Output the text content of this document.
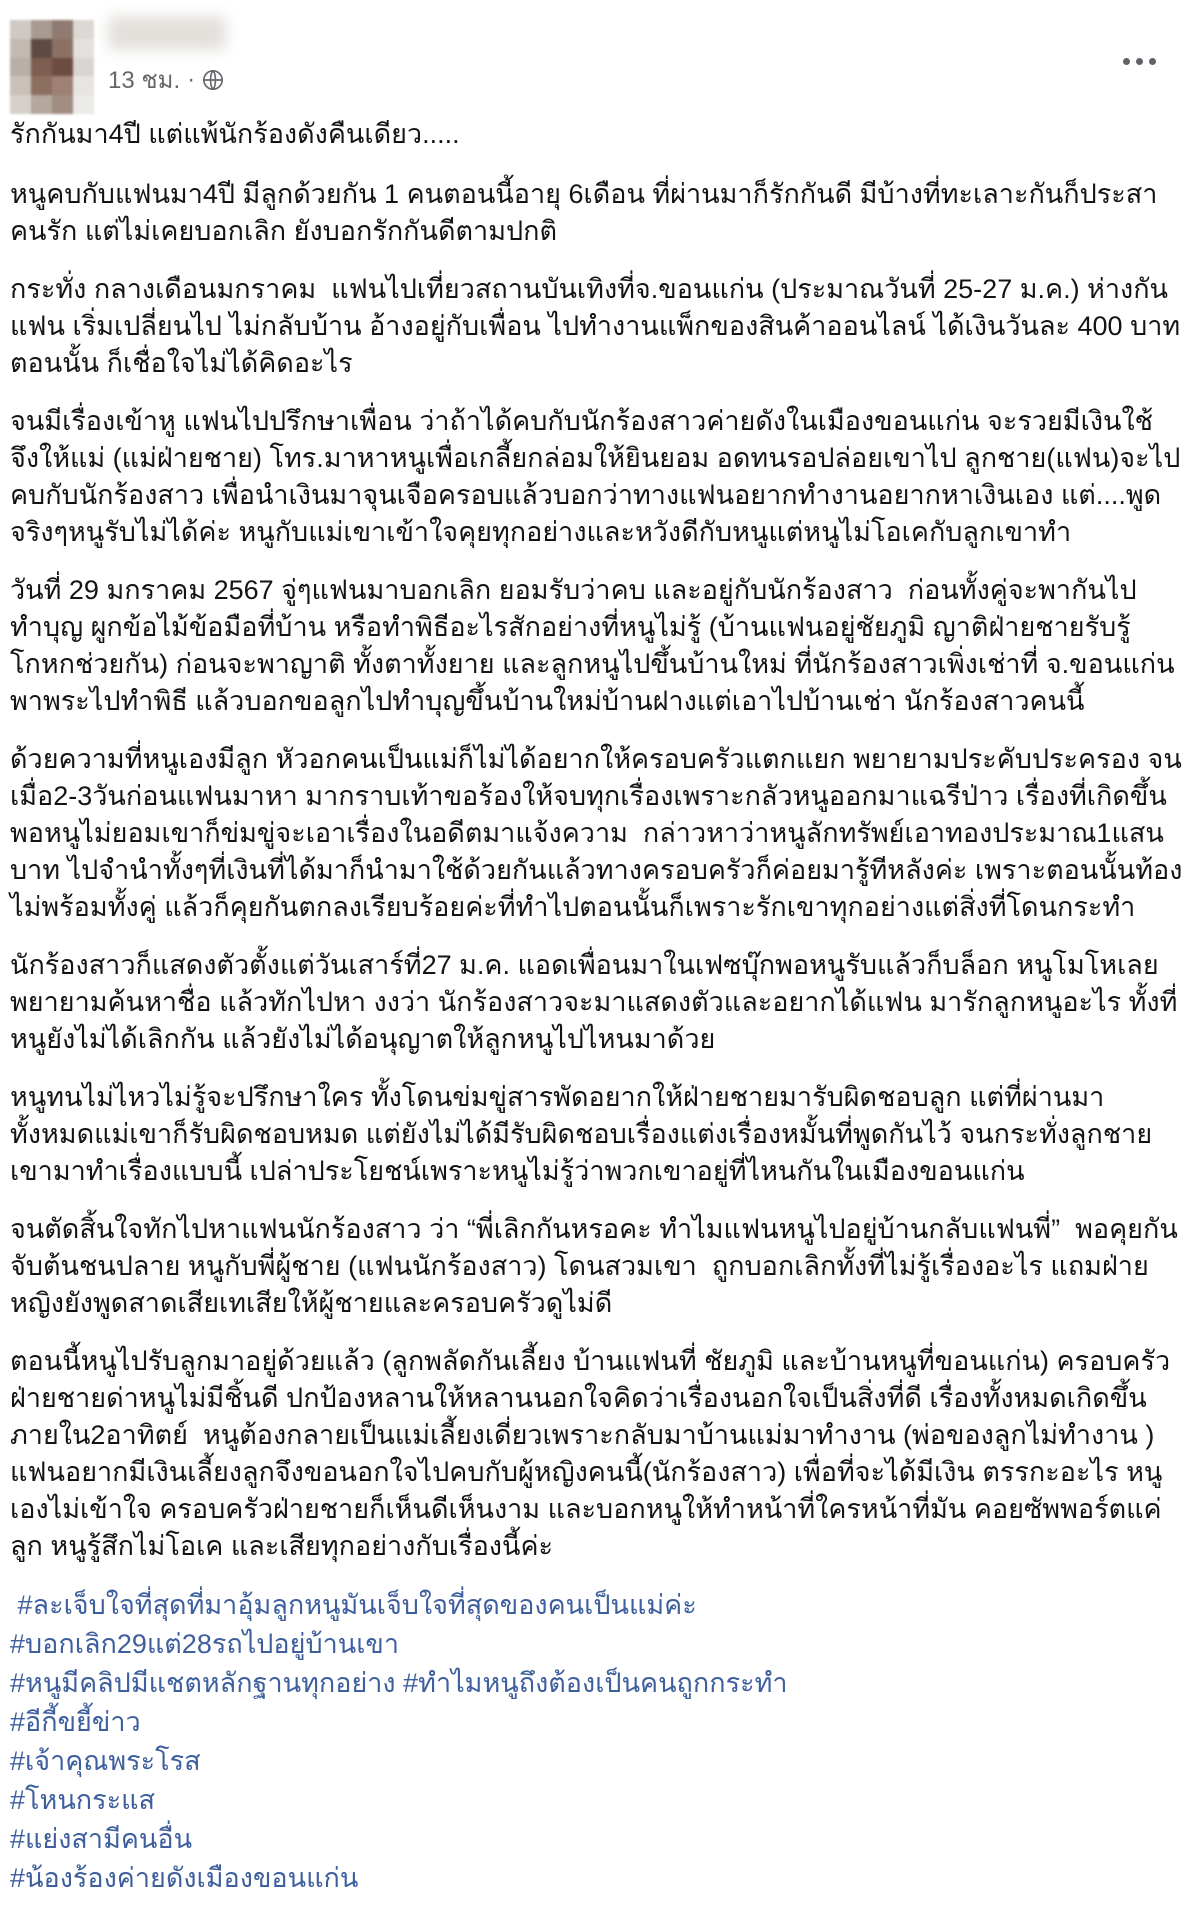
13 ชม. ·

รักกันมา4ปี แต่แพ้นักร้องดังคืนเดียว.....

หนูคบกับแฟนมา4ปี มีลูกด้วยกัน 1 คนตอนนี้อายุ 6เดือน ที่ผ่านมาก็รักกันดี มีบ้างที่ทะเลาะกันก็ประสาคนรัก แต่ไม่เคยบอกเลิก ยังบอกรักกันดีตามปกติ

กระทั่ง กลางเดือนมกราคม  แฟนไปเที่ยวสถานบันเทิงที่จ.ขอนแก่น (ประมาณวันที่ 25-27 ม.ค.) ห่างกันแฟน เริ่มเปลี่ยนไป ไม่กลับบ้าน อ้างอยู่กับเพื่อน ไปทำงานแพ็กของสินค้าออนไลน์ ได้เงินวันละ 400 บาท  ตอนนั้น ก็เชื่อใจไม่ได้คิดอะไร

จนมีเรื่องเข้าหู แฟนไปปรึกษาเพื่อน ว่าถ้าได้คบกับนักร้องสาวค่ายดังในเมืองขอนแก่น จะรวยมีเงินใช้ จึงให้แม่ (แม่ฝ่ายชาย) โทร.มาหาหนูเพื่อเกลี้ยกล่อมให้ยินยอม อดทนรอปล่อยเขาไป ลูกชาย(แฟน)จะไปคบกับนักร้องสาว เพื่อนำเงินมาจุนเจือครอบแล้วบอกว่าทางแฟนอยากทำงานอยากหาเงินเอง แต่....พูดจริงๆหนูรับไม่ได้ค่ะ หนูกับแม่เขาเข้าใจคุยทุกอย่างและหวังดีกับหนูแต่หนูไม่โอเคกับลูกเขาทำ

วันที่ 29 มกราคม 2567 จู่ๆแฟนมาบอกเลิก ยอมรับว่าคบ และอยู่กับนักร้องสาว  ก่อนทั้งคู่จะพากันไปทำบุญ ผูกข้อไม้ข้อมือที่บ้าน หรือทำพิธีอะไรสักอย่างที่หนูไม่รู้ (บ้านแฟนอยู่ชัยภูมิ ญาติฝ่ายชายรับรู้โกหกช่วยกัน) ก่อนจะพาญาติ ทั้งตาทั้งยาย และลูกหนูไปขึ้นบ้านใหม่ ที่นักร้องสาวเพิ่งเช่าที่ จ.ขอนแก่น พาพระไปทำพิธี แล้วบอกขอลูกไปทำบุญขึ้นบ้านใหม่บ้านฝางแต่เอาไปบ้านเช่า นักร้องสาวคนนี้

ด้วยความที่หนูเองมีลูก หัวอกคนเป็นแม่ก็ไม่ได้อยากให้ครอบครัวแตกแยก พยายามประคับประครอง จนเมื่อ2-3วันก่อนแฟนมาหา มากราบเท้าขอร้องให้จบทุกเรื่องเพราะกลัวหนูออกมาแฉรีป่าว เรื่องที่เกิดขึ้น  พอหนูไม่ยอมเขาก็ข่มขู่จะเอาเรื่องในอดีตมาแจ้งความ  กล่าวหาว่าหนูลักทรัพย์เอาทองประมาณ1แสนบาท ไปจำนำทั้งๆที่เงินที่ได้มาก็นำมาใช้ด้วยกันแล้วทางครอบครัวก็ค่อยมารู้ทีหลังค่ะ เพราะตอนนั้นท้องไม่พร้อมทั้งคู่ แล้วก็คุยกันตกลงเรียบร้อยค่ะที่ทำไปตอนนั้นก็เพราะรักเขาทุกอย่างแต่สิ่งที่โดนกระทำ

นักร้องสาวก็แสดงตัวตั้งแต่วันเสาร์ที่27 ม.ค. แอดเพื่อนมาในเฟซบุ๊กพอหนูรับแล้วก็บล็อก หนูโมโหเลย พยายามค้นหาชื่อ แล้วทักไปหา งงว่า นักร้องสาวจะมาแสดงตัวและอยากได้แฟน มารักลูกหนูอะไร ทั้งที่หนูยังไม่ได้เลิกกัน แล้วยังไม่ได้อนุญาตให้ลูกหนูไปไหนมาด้วย

หนูทนไม่ไหวไม่รู้จะปรึกษาใคร ทั้งโดนข่มขู่สารพัดอยากให้ฝ่ายชายมารับผิดชอบลูก แต่ที่ผ่านมาทั้งหมดแม่เขาก็รับผิดชอบหมด แต่ยังไม่ได้มีรับผิดชอบเรื่องแต่งเรื่องหมั้นที่พูดกันไว้ จนกระทั่งลูกชายเขามาทำเรื่องแบบนี้ เปล่าประโยชน์เพราะหนูไม่รู้ว่าพวกเขาอยู่ที่ไหนกันในเมืองขอนแก่น

จนตัดสิ้นใจทักไปหาแฟนนักร้องสาว ว่า “พี่เลิกกันหรอคะ ทำไมแฟนหนูไปอยู่บ้านกลับแฟนพี่”  พอคุยกันจับต้นชนปลาย หนูกับพี่ผู้ชาย (แฟนนักร้องสาว) โดนสวมเขา  ถูกบอกเลิกทั้งที่ไม่รู้เรื่องอะไร แถมฝ่ายหญิงยังพูดสาดเสียเทเสียให้ผู้ชายและครอบครัวดูไม่ดี

ตอนนี้หนูไปรับลูกมาอยู่ด้วยแล้ว (ลูกพลัดกันเลี้ยง บ้านแฟนที่ ชัยภูมิ และบ้านหนูที่ขอนแก่น) ครอบครัวฝ่ายชายด่าหนูไม่มีชิ้นดี ปกป้องหลานให้หลานนอกใจคิดว่าเรื่องนอกใจเป็นสิ่งที่ดี เรื่องทั้งหมดเกิดขึ้นภายใน2อาทิตย์  หนูต้องกลายเป็นแม่เลี้ยงเดี่ยวเพราะกลับมาบ้านแม่มาทำงาน (พ่อของลูกไม่ทำงาน ) แฟนอยากมีเงินเลี้ยงลูกจึงขอนอกใจไปคบกับผู้หญิงคนนี้(นักร้องสาว) เพื่อที่จะได้มีเงิน ตรรกะอะไร หนูเองไม่เข้าใจ ครอบครัวฝ่ายชายก็เห็นดีเห็นงาม และบอกหนูให้ทำหน้าที่ใครหน้าที่มัน คอยซัพพอร์ตแค่ลูก หนูรู้สึกไม่โอเค และเสียทุกอย่างกับเรื่องนี้ค่ะ

#ละเจ็บใจที่สุดที่มาอุ้มลูกหนูมันเจ็บใจที่สุดของคนเป็นแม่ค่ะ
#บอกเลิก29แต่28รถไปอยู่บ้านเขา
#หนูมีคลิปมีแชตหลักฐานทุกอย่าง #ทำไมหนูถึงต้องเป็นคนถูกกระทำ
#อีกี้ขยี้ข่าว
#เจ้าคุณพระโรส
#โหนกระแส
#แย่งสามีคนอื่น
#น้องร้องค่ายดังเมืองขอนแก่น
